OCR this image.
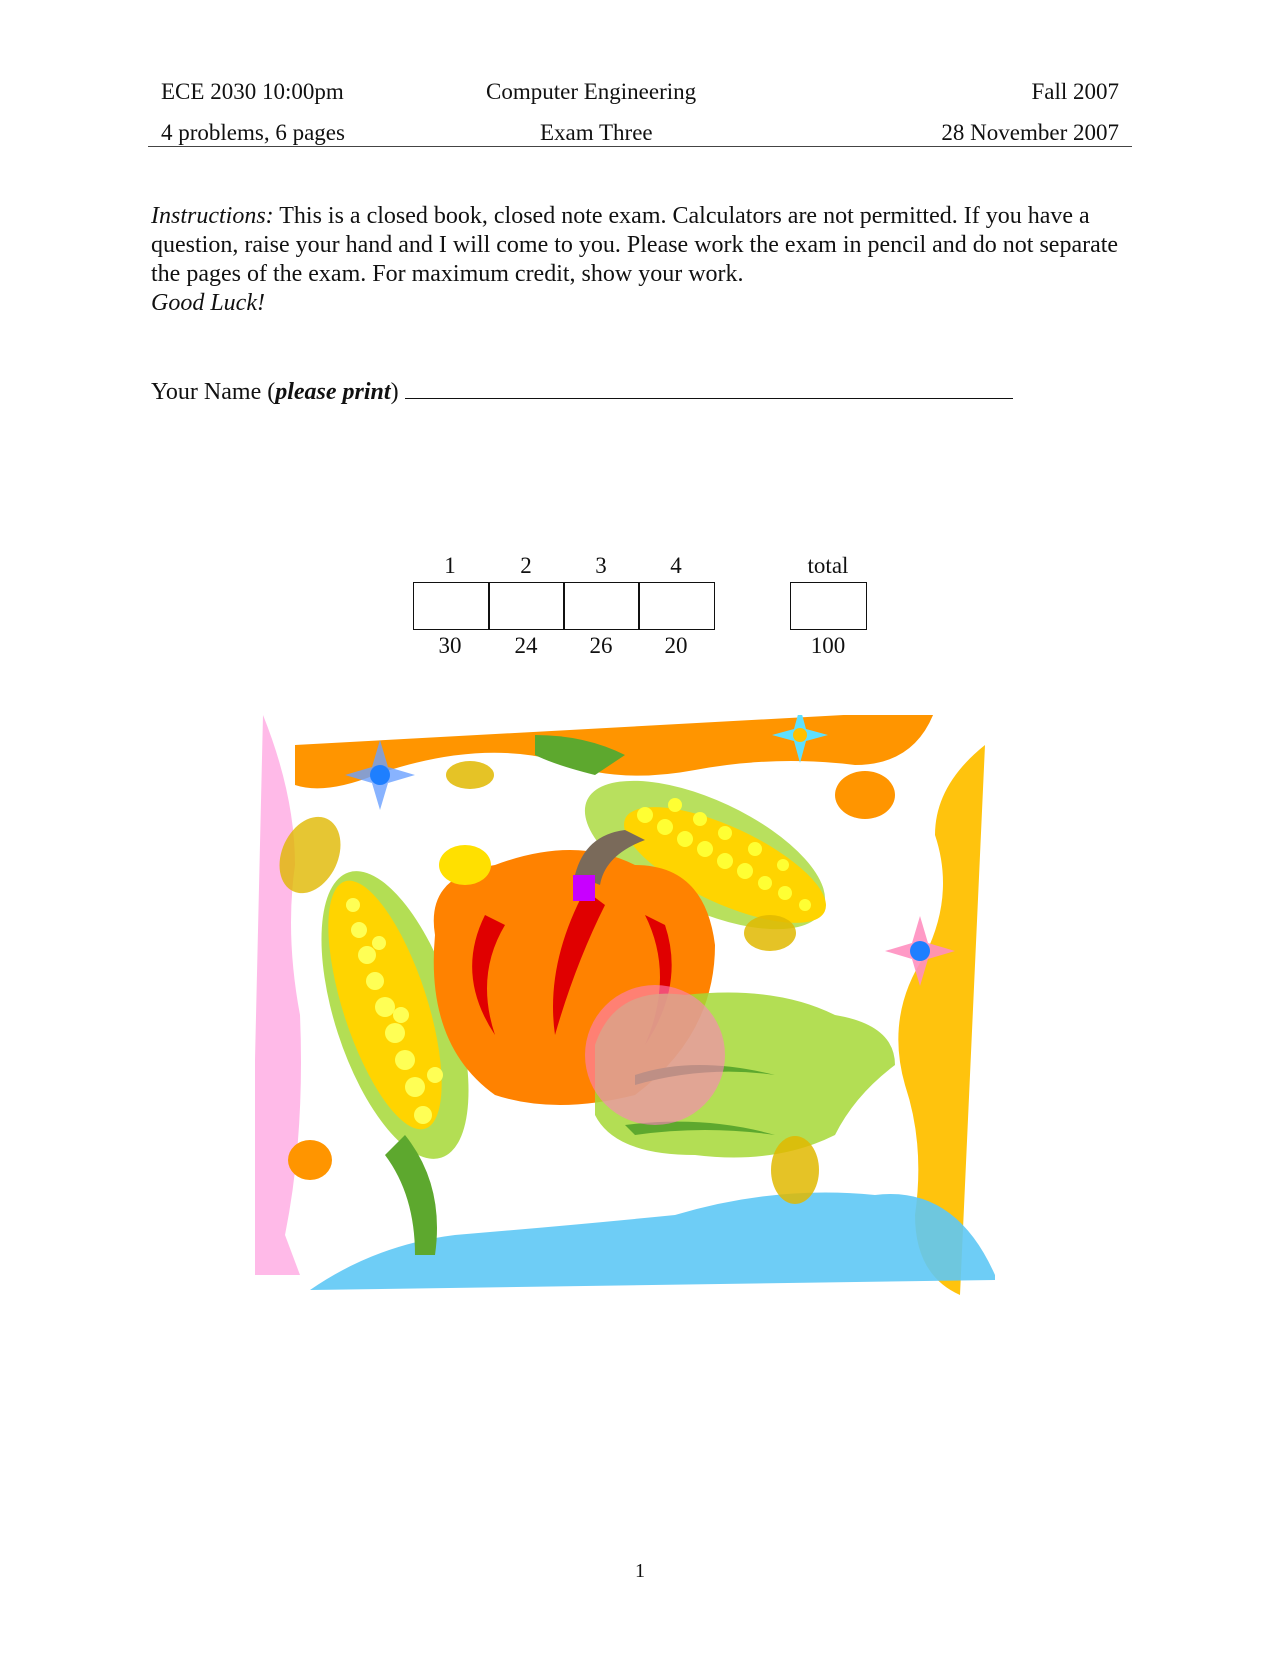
ECE 2030 10:00pm	Computer Engineering	Fall 2007
4 problems, 6 pages	Exam Three	28 November 2007
Instructions: This is a closed book, closed note exam. Calculators are not permitted. If you have a question, raise your hand and I will come to you. Please work the exam in pencil and do not separate the pages of the exam. For maximum credit, show your work.
Good Luck!
Your Name (please print)
1	2	3	4	total
30	24	26	20	100
1
